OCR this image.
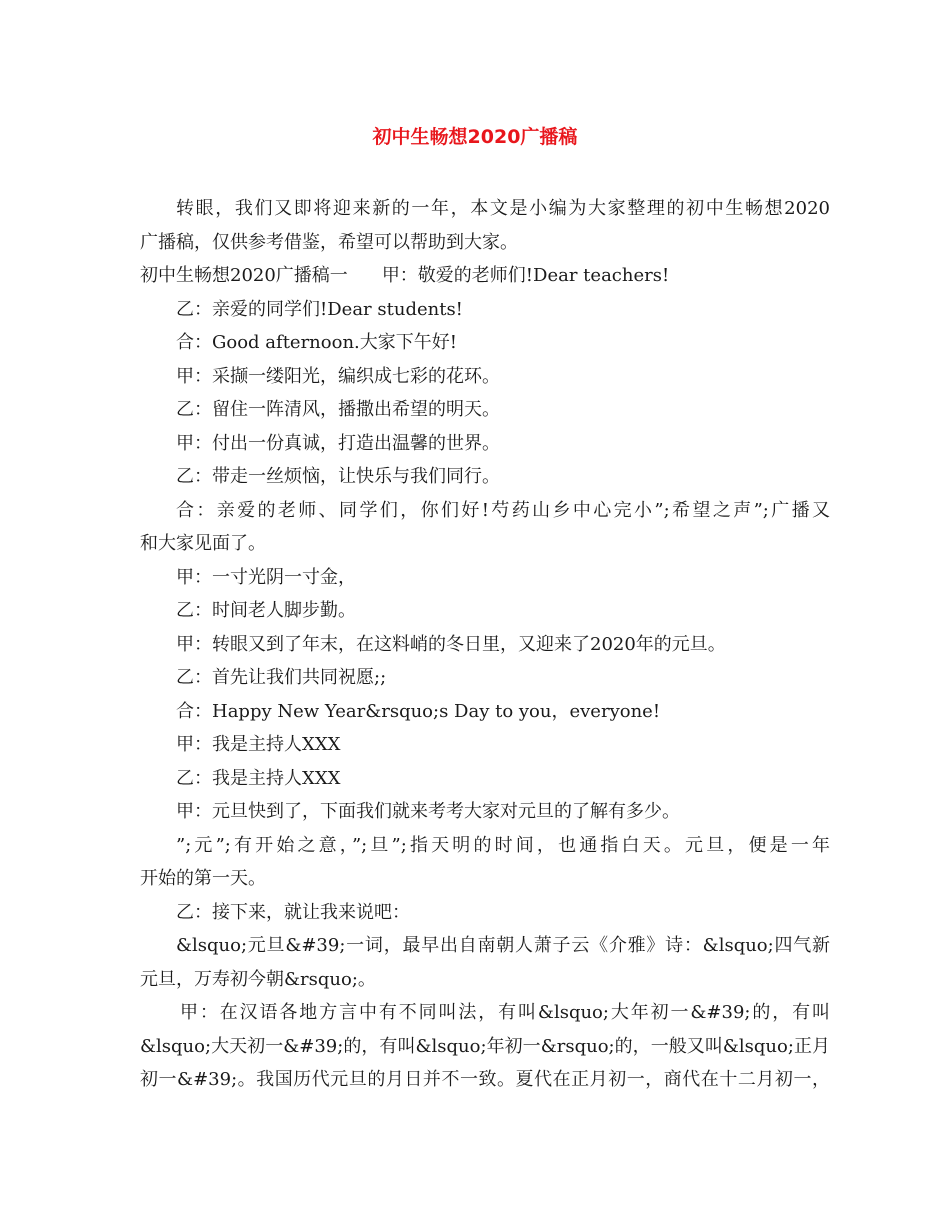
初中生畅想2020广播稿

转眼，我们又即将迎来新的一年，本文是小编为大家整理的初中生畅想2020

广播稿，仅供参考借鉴，希望可以帮助到大家。

初中生畅想2020广播稿一 甲：敬爱的老师们!Dear teachers!

乙：亲爱的同学们!Dear students!

合：Good afternoon.大家下午好!

甲：采撷一缕阳光，编织成七彩的花环。

乙：留住一阵清风，播撒出希望的明天。

甲：付出一份真诚，打造出温馨的世界。

乙：带走一丝烦恼，让快乐与我们同行。

合：亲爱的老师、同学们，你们好!芍药山乡中心完小”;希望之声”;广播又

和大家见面了。

甲：一寸光阴一寸金，

乙：时间老人脚步勤。

甲：转眼又到了年末，在这料峭的冬日里，又迎来了2020年的元旦。

乙：首先让我们共同祝愿;;

合：Happy New Year&rsquo;s Day to you，everyone!

甲：我是主持人XXX

乙：我是主持人XXX

甲：元旦快到了，下面我们就来考考大家对元旦的了解有多少。

”;元”;有开始之意，”;旦”;指天明的时间，也通指白天。元旦，便是一年

开始的第一天。

乙：接下来，就让我来说吧：

&lsquo;元旦&#39;一词，最早出自南朝人萧子云《介雅》诗：&lsquo;四气新

元旦，万寿初今朝&rsquo;。

甲：在汉语各地方言中有不同叫法，有叫&lsquo;大年初一&#39;的，有叫

&lsquo;大天初一&#39;的，有叫&lsquo;年初一&rsquo;的，一般又叫&lsquo;正月

初一&#39;。我国历代元旦的月日并不一致。夏代在正月初一，商代在十二月初一，
